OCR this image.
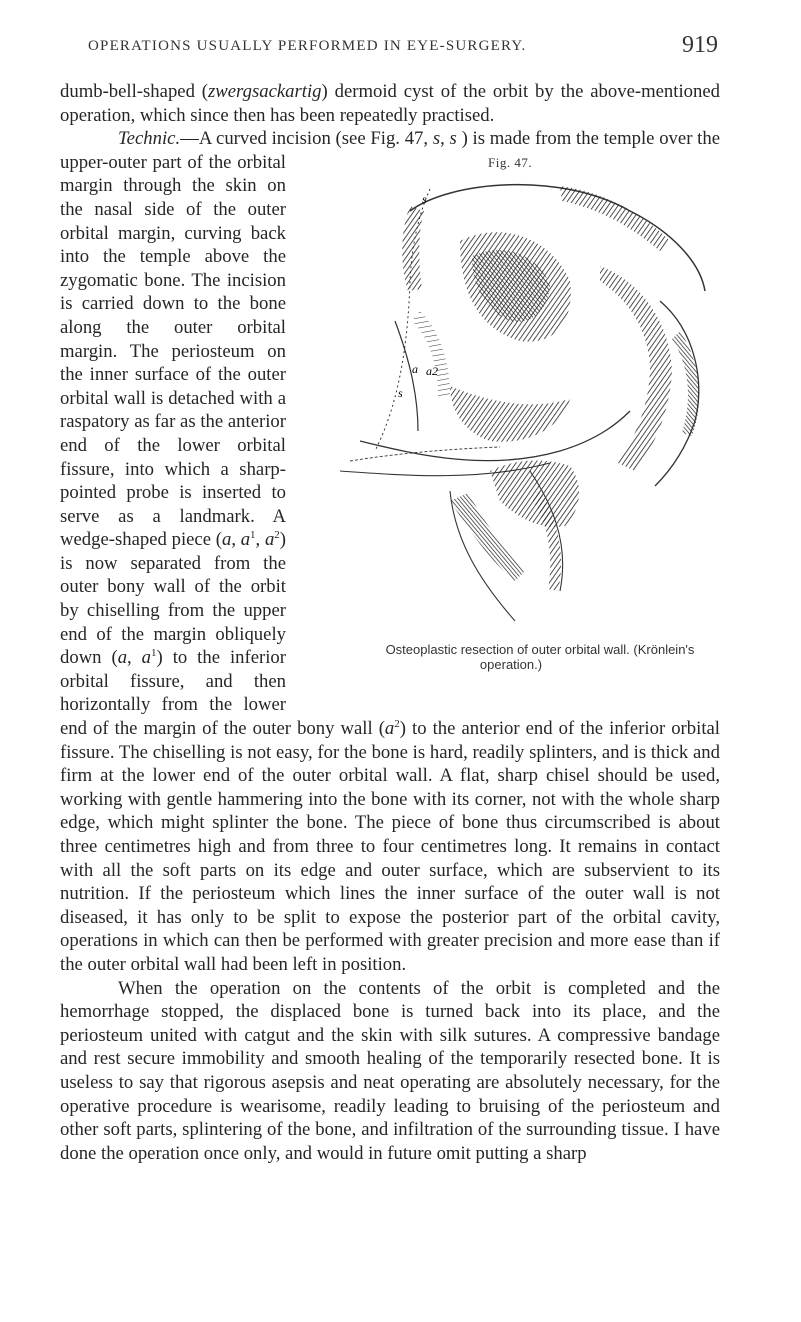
OPERATIONS USUALLY PERFORMED IN EYE-SURGERY.	919

dumb-bell-shaped (zwergsackartig) dermoid cyst of the orbit by the above-mentioned operation, which since then has been repeatedly practised.

Technic.—A curved incision (see Fig. 47, s, s
Fig. 47.
s
a a2
s
Osteoplastic resection of outer orbital wall. (Krönlein's operation.)
) is made from the temple over the upper-outer part of the orbital margin through the skin on the nasal side of the outer orbital margin, curving back into the temple above the zygomatic bone. The incision is carried down to the bone along the outer orbital margin. The periosteum on the inner surface of the outer orbital wall is detached with a raspatory as far as the anterior end of the lower orbital fissure, into which a sharp-pointed probe is inserted to serve as a landmark. A wedge-shaped piece (a, $a^1$, $a^2$) is now separated from the outer bony wall of the orbit by chiselling from the upper end of the margin obliquely down (a, $a^1$) to the inferior orbital fissure, and then horizontally from the lower end of the margin of the outer bony wall $(a^2)$ to the anterior end of the inferior orbital fissure. The chiselling is not easy, for the bone is hard, readily splinters, and is thick and firm at the lower end of the outer orbital wall. A flat, sharp chisel should be used, working with gentle hammering into the bone with its corner, not with the whole sharp edge, which might splinter the bone. The piece of bone thus circumscribed is about three centimetres high and from three to four centimetres long. It remains in contact with all the soft parts on its edge and outer surface, which are subservient to its nutrition. If the periosteum which lines the inner surface of the outer wall is not diseased, it has only to be split to expose the posterior part of the orbital cavity, operations in which can then be performed with greater precision and more ease than if the outer orbital wall had been left in position.

When the operation on the contents of the orbit is completed and the hemorrhage stopped, the displaced bone is turned back into its place, and the periosteum united with catgut and the skin with silk sutures. A compressive bandage and rest secure immobility and smooth healing of the temporarily resected bone. It is useless to say that rigorous asepsis and neat operating are absolutely necessary, for the operative procedure is wearisome, readily leading to bruising of the periosteum and other soft parts, splintering of the bone, and infiltration of the surrounding tissue. I have done the operation once only, and would in future omit putting a sharp
